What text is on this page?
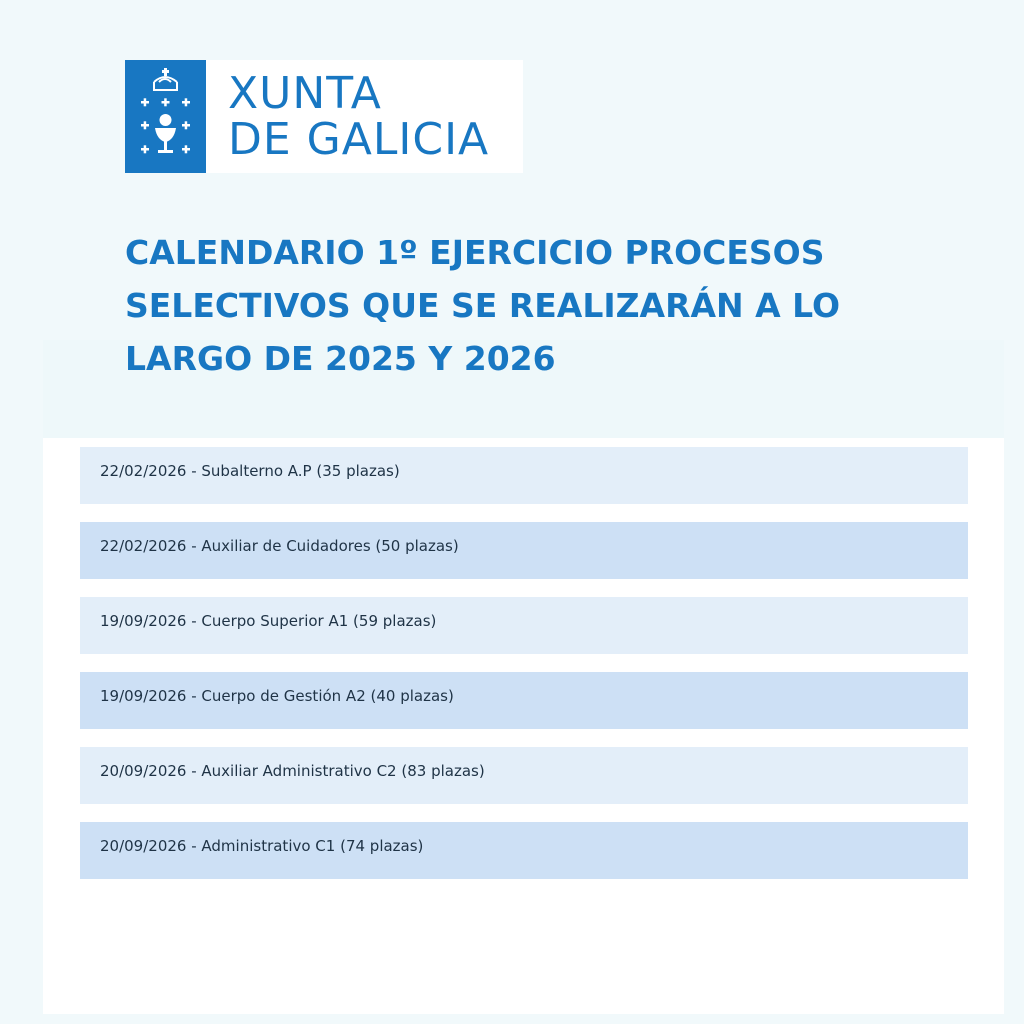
XUNTA
DE GALICIA
CALENDARIO 1º EJERCICIO PROCESOS SELECTIVOS QUE SE REALIZARÁN A LO LARGO DE 2025 Y 2026
22/02/2026 - Subalterno A.P (35 plazas)
22/02/2026 - Auxiliar de Cuidadores (50 plazas)
19/09/2026 - Cuerpo Superior A1 (59 plazas)
19/09/2026 - Cuerpo de Gestión A2 (40 plazas)
20/09/2026 - Auxiliar Administrativo C2 (83 plazas)
20/09/2026 - Administrativo C1 (74 plazas)
